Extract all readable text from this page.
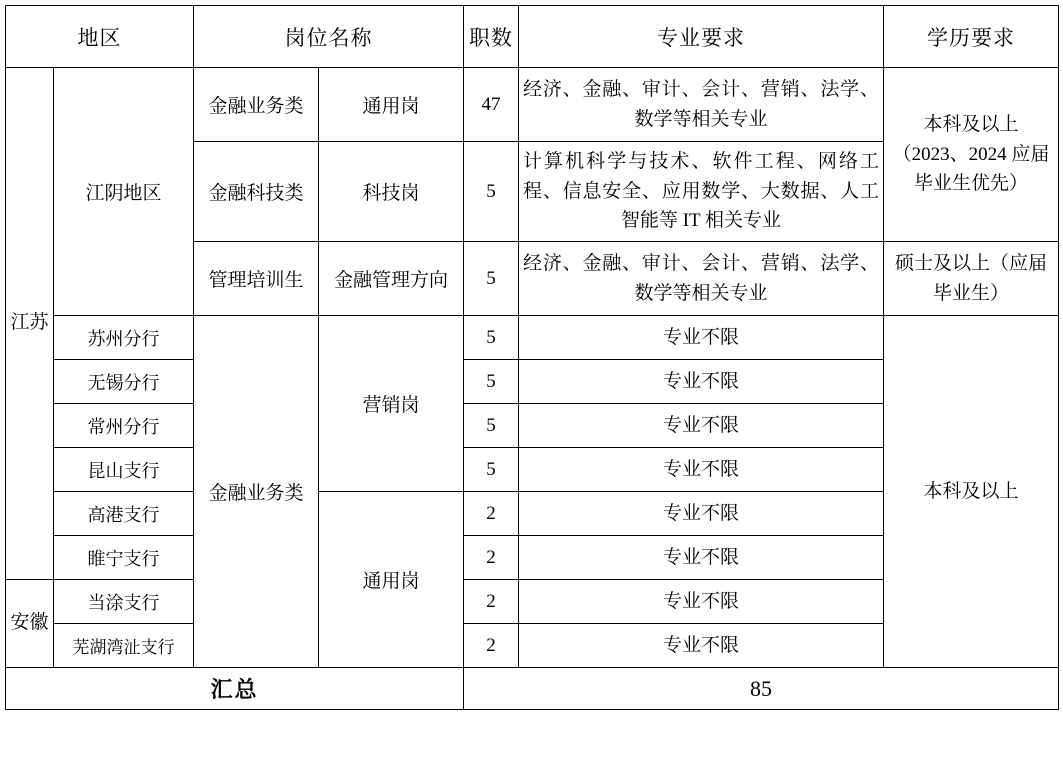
地区		岗位名称		职数	专业要求	学历要求
江苏	江阴地区	金融业务类	通用岗	47	经济、金融、审计、会计、营销、法学、数学等相关专业	本科及以上（2023、2024 应届毕业生优先）
		金融科技类	科技岗	5	计算机科学与技术、软件工程、网络工程、信息安全、应用数学、大数据、人工智能等 IT 相关专业	
		管理培训生	金融管理方向	5	经济、金融、审计、会计、营销、法学、数学等相关专业	硕士及以上（应届毕业生）
	苏州分行	金融业务类	营销岗	5	专业不限	本科及以上
	无锡分行			5	专业不限	
	常州分行			5	专业不限	
	昆山支行			5	专业不限	
	高港支行		通用岗	2	专业不限	
	睢宁支行			2	专业不限	
安徽	当涂支行			2	专业不限	
	芜湖湾沚支行			2	专业不限	
汇总				85		
